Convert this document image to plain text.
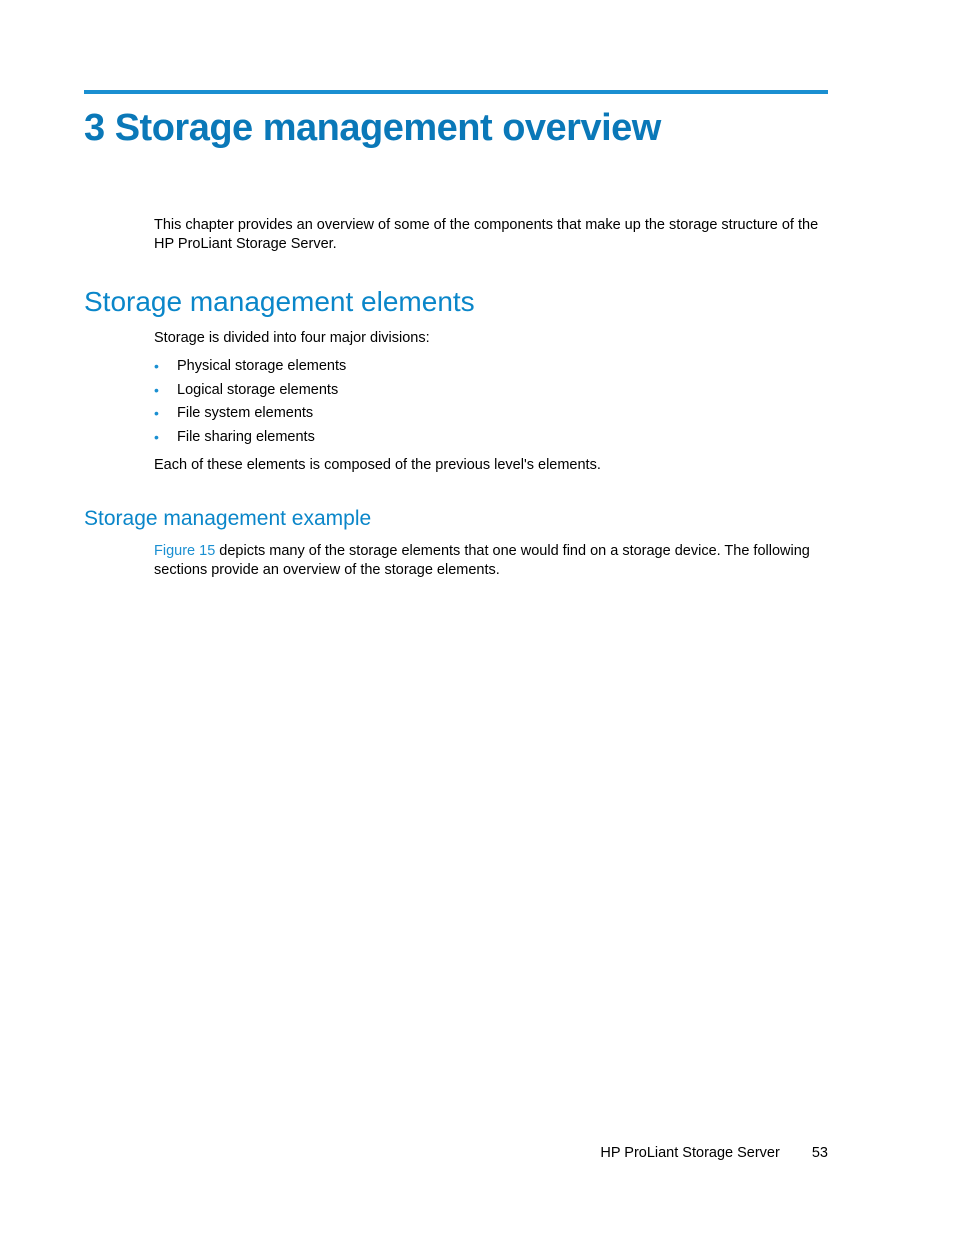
3 Storage management overview

This chapter provides an overview of some of the components that make up the storage structure of the HP ProLiant Storage Server.

Storage management elements

Storage is divided into four major divisions:

• Physical storage elements
• Logical storage elements
• File system elements
• File sharing elements

Each of these elements is composed of the previous level's elements.

Storage management example

Figure 15 depicts many of the storage elements that one would find on a storage device. The following sections provide an overview of the storage elements.

HP ProLiant Storage Server 53
